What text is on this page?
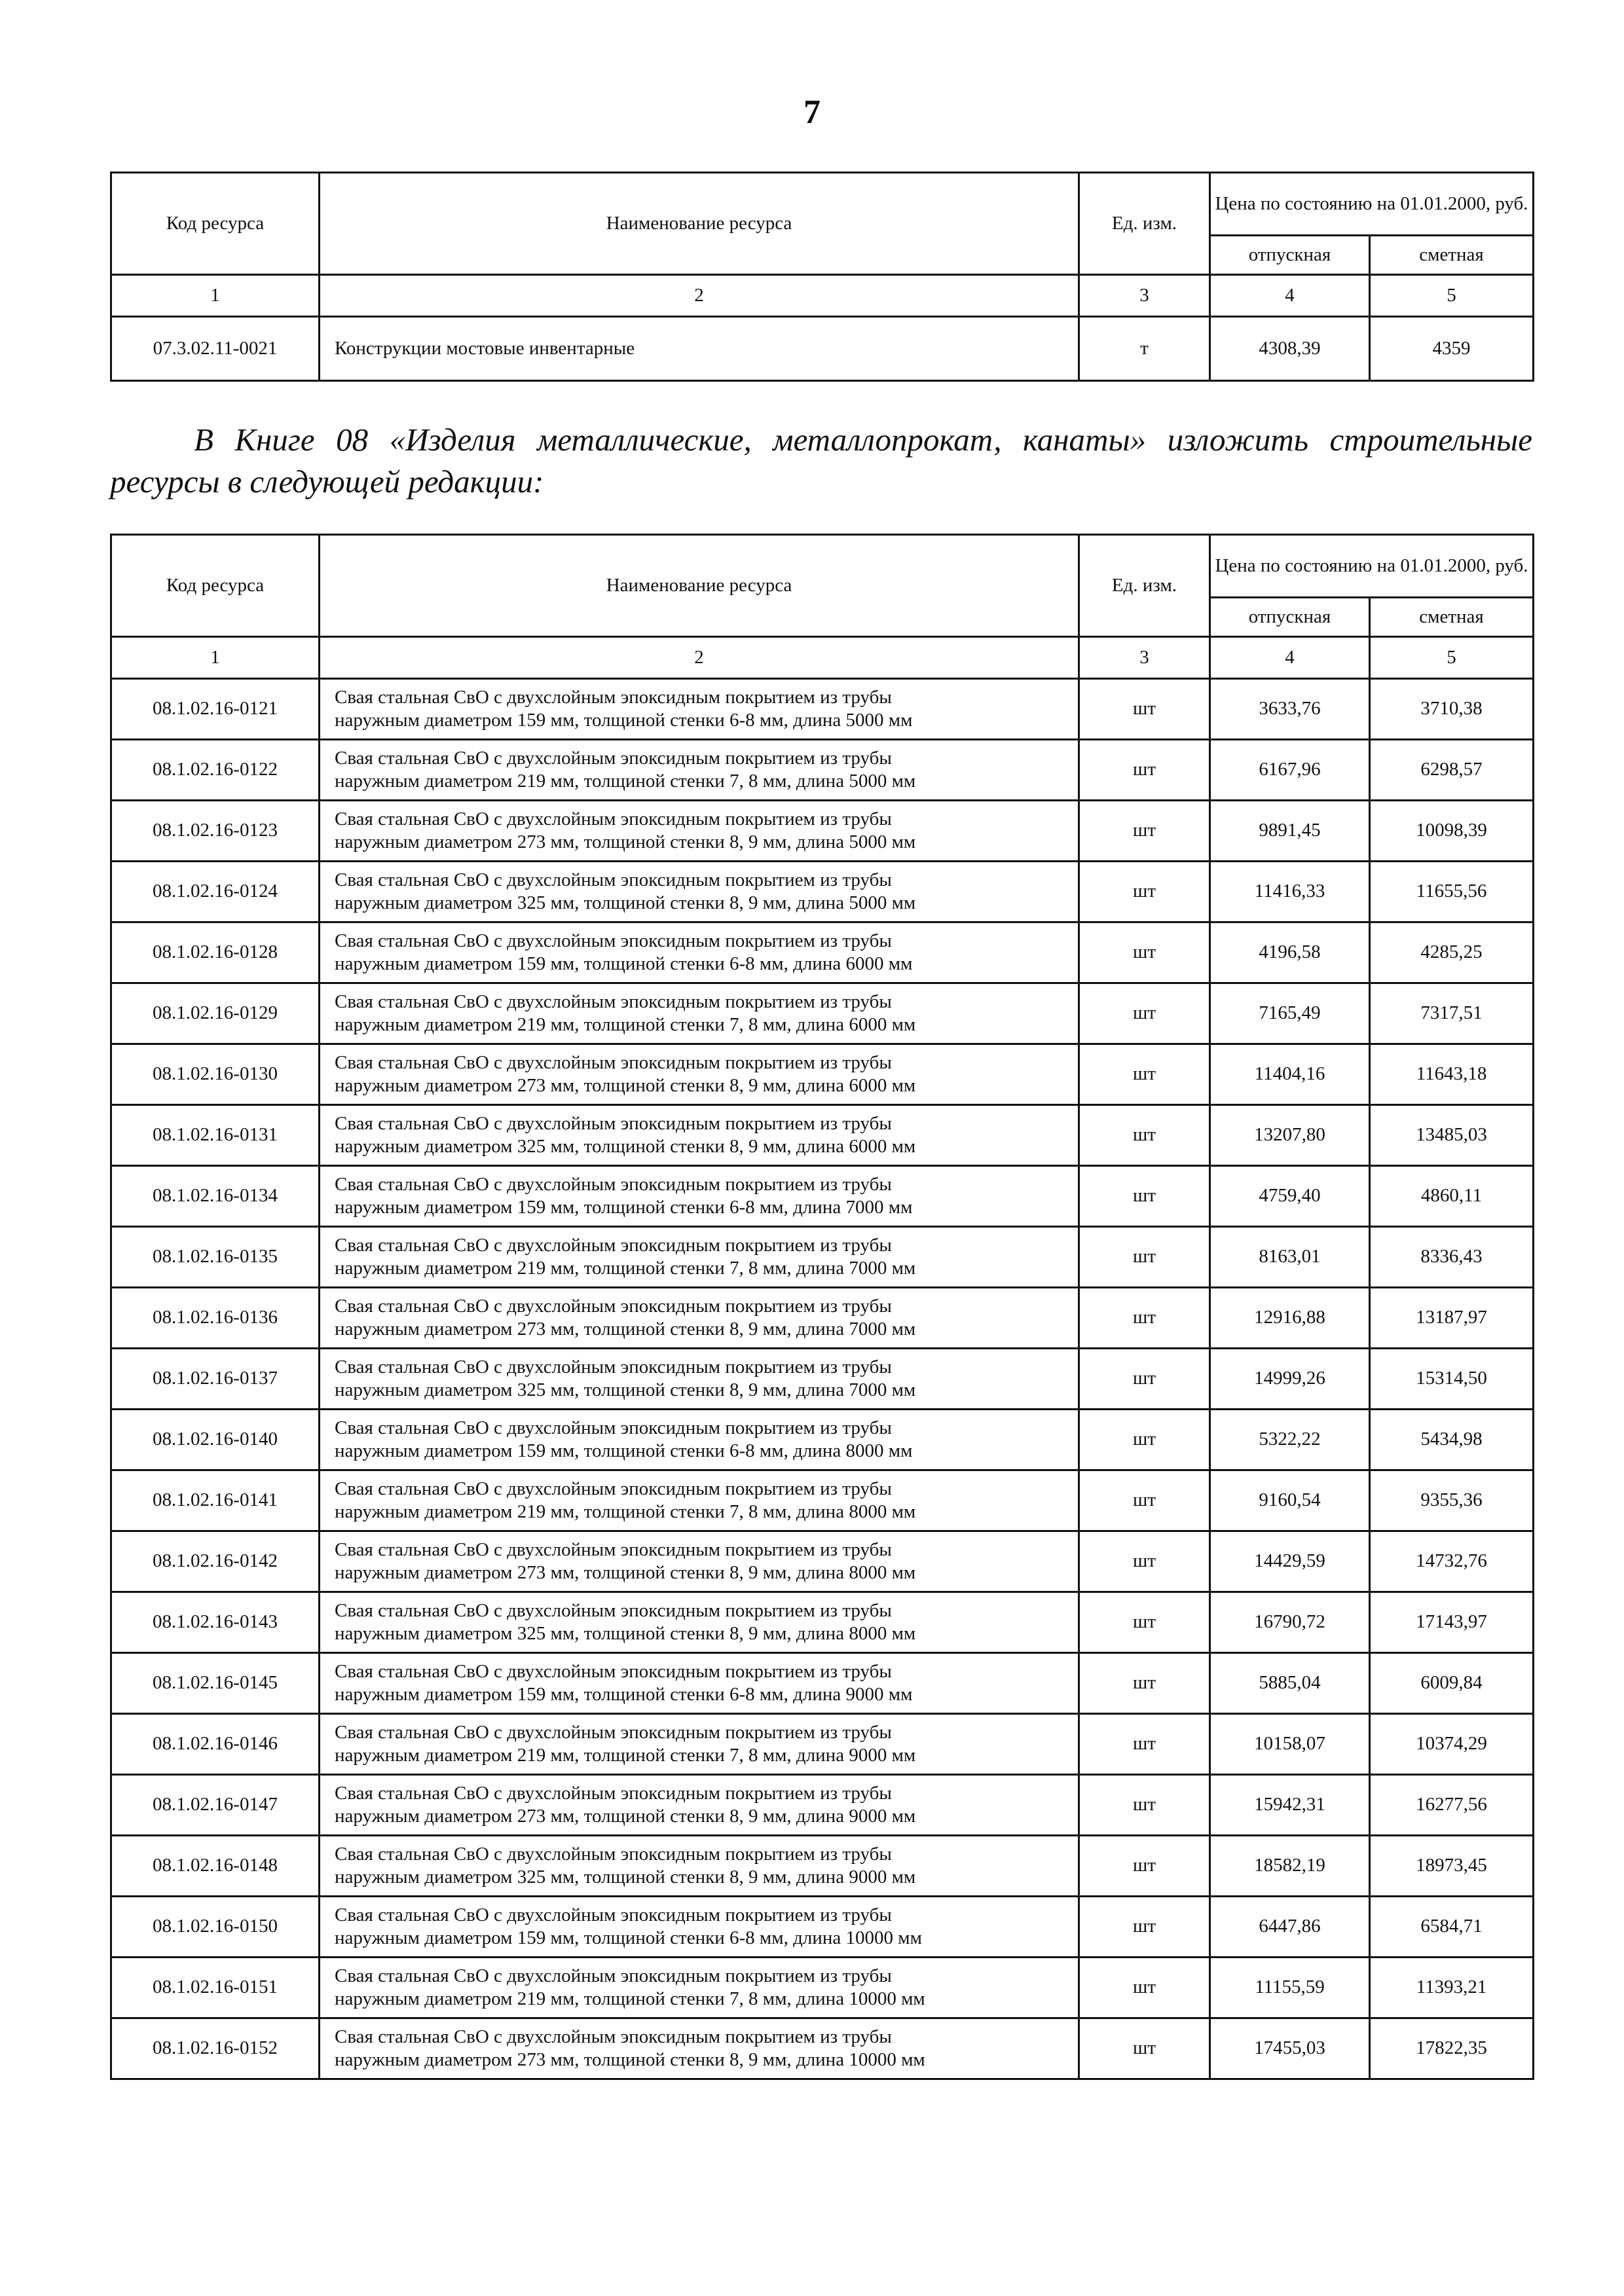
7
Код ресурса	Наименование ресурса	Ед. изм.	Цена по состоянию на 01.01.2000, руб.	
			отпускная	сметная
1	2	3	4	5
07.3.02.11-0021	Конструкции мостовые инвентарные	т	4308,39	4359
В Книге 08 «Изделия металлические, металлопрокат, канаты» изложить строительные ресурсы в следующей редакции:
Код ресурса	Наименование ресурса	Ед. изм.	Цена по состоянию на 01.01.2000, руб.	
			отпускная	сметная
1	2	3	4	5
08.1.02.16-0121	Свая стальная СвО с двухслойным эпоксидным покрытием из трубы
наружным диаметром 159 мм, толщиной стенки 6-8 мм, длина 5000 мм	шт	3633,76	3710,38
08.1.02.16-0122	Свая стальная СвО с двухслойным эпоксидным покрытием из трубы
наружным диаметром 219 мм, толщиной стенки 7, 8 мм, длина 5000 мм	шт	6167,96	6298,57
08.1.02.16-0123	Свая стальная СвО с двухслойным эпоксидным покрытием из трубы
наружным диаметром 273 мм, толщиной стенки 8, 9 мм, длина 5000 мм	шт	9891,45	10098,39
08.1.02.16-0124	Свая стальная СвО с двухслойным эпоксидным покрытием из трубы
наружным диаметром 325 мм, толщиной стенки 8, 9 мм, длина 5000 мм	шт	11416,33	11655,56
08.1.02.16-0128	Свая стальная СвО с двухслойным эпоксидным покрытием из трубы
наружным диаметром 159 мм, толщиной стенки 6-8 мм, длина 6000 мм	шт	4196,58	4285,25
08.1.02.16-0129	Свая стальная СвО с двухслойным эпоксидным покрытием из трубы
наружным диаметром 219 мм, толщиной стенки 7, 8 мм, длина 6000 мм	шт	7165,49	7317,51
08.1.02.16-0130	Свая стальная СвО с двухслойным эпоксидным покрытием из трубы
наружным диаметром 273 мм, толщиной стенки 8, 9 мм, длина 6000 мм	шт	11404,16	11643,18
08.1.02.16-0131	Свая стальная СвО с двухслойным эпоксидным покрытием из трубы
наружным диаметром 325 мм, толщиной стенки 8, 9 мм, длина 6000 мм	шт	13207,80	13485,03
08.1.02.16-0134	Свая стальная СвО с двухслойным эпоксидным покрытием из трубы
наружным диаметром 159 мм, толщиной стенки 6-8 мм, длина 7000 мм	шт	4759,40	4860,11
08.1.02.16-0135	Свая стальная СвО с двухслойным эпоксидным покрытием из трубы
наружным диаметром 219 мм, толщиной стенки 7, 8 мм, длина 7000 мм	шт	8163,01	8336,43
08.1.02.16-0136	Свая стальная СвО с двухслойным эпоксидным покрытием из трубы
наружным диаметром 273 мм, толщиной стенки 8, 9 мм, длина 7000 мм	шт	12916,88	13187,97
08.1.02.16-0137	Свая стальная СвО с двухслойным эпоксидным покрытием из трубы
наружным диаметром 325 мм, толщиной стенки 8, 9 мм, длина 7000 мм	шт	14999,26	15314,50
08.1.02.16-0140	Свая стальная СвО с двухслойным эпоксидным покрытием из трубы
наружным диаметром 159 мм, толщиной стенки 6-8 мм, длина 8000 мм	шт	5322,22	5434,98
08.1.02.16-0141	Свая стальная СвО с двухслойным эпоксидным покрытием из трубы
наружным диаметром 219 мм, толщиной стенки 7, 8 мм, длина 8000 мм	шт	9160,54	9355,36
08.1.02.16-0142	Свая стальная СвО с двухслойным эпоксидным покрытием из трубы
наружным диаметром 273 мм, толщиной стенки 8, 9 мм, длина 8000 мм	шт	14429,59	14732,76
08.1.02.16-0143	Свая стальная СвО с двухслойным эпоксидным покрытием из трубы
наружным диаметром 325 мм, толщиной стенки 8, 9 мм, длина 8000 мм	шт	16790,72	17143,97
08.1.02.16-0145	Свая стальная СвО с двухслойным эпоксидным покрытием из трубы
наружным диаметром 159 мм, толщиной стенки 6-8 мм, длина 9000 мм	шт	5885,04	6009,84
08.1.02.16-0146	Свая стальная СвО с двухслойным эпоксидным покрытием из трубы
наружным диаметром 219 мм, толщиной стенки 7, 8 мм, длина 9000 мм	шт	10158,07	10374,29
08.1.02.16-0147	Свая стальная СвО с двухслойным эпоксидным покрытием из трубы
наружным диаметром 273 мм, толщиной стенки 8, 9 мм, длина 9000 мм	шт	15942,31	16277,56
08.1.02.16-0148	Свая стальная СвО с двухслойным эпоксидным покрытием из трубы
наружным диаметром 325 мм, толщиной стенки 8, 9 мм, длина 9000 мм	шт	18582,19	18973,45
08.1.02.16-0150	Свая стальная СвО с двухслойным эпоксидным покрытием из трубы
наружным диаметром 159 мм, толщиной стенки 6-8 мм, длина 10000 мм	шт	6447,86	6584,71
08.1.02.16-0151	Свая стальная СвО с двухслойным эпоксидным покрытием из трубы
наружным диаметром 219 мм, толщиной стенки 7, 8 мм, длина 10000 мм	шт	11155,59	11393,21
08.1.02.16-0152	Свая стальная СвО с двухслойным эпоксидным покрытием из трубы
наружным диаметром 273 мм, толщиной стенки 8, 9 мм, длина 10000 мм	шт	17455,03	17822,35
